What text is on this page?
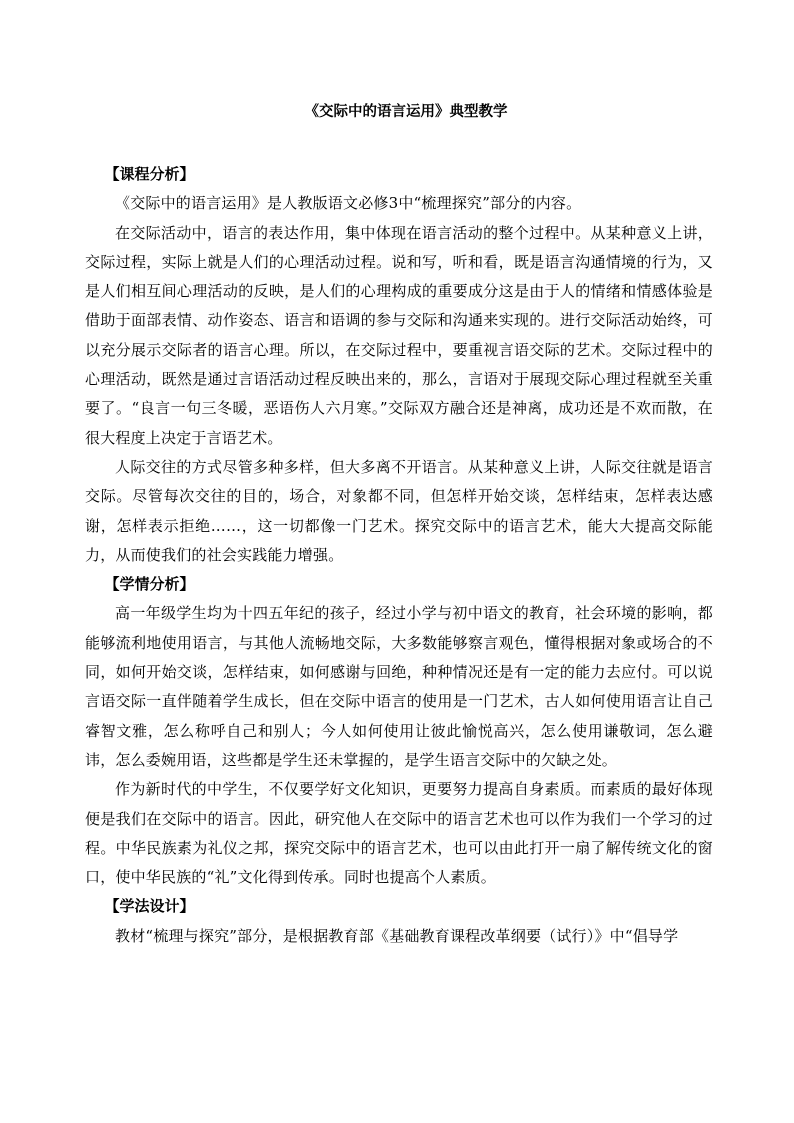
《交际中的语言运用》典型教学

【课程分析】

《交际中的语言运用》是人教版语文必修3中“梳理探究”部分的内容。

在交际活动中，语言的表达作用，集中体现在语言活动的整个过程中。从某种意义上讲，交际过程，实际上就是人们的心理活动过程。说和写，听和看，既是语言沟通情境的行为，又是人们相互间心理活动的反映，是人们的心理构成的重要成分这是由于人的情绪和情感体验是借助于面部表情、动作姿态、语言和语调的参与交际和沟通来实现的。进行交际活动始终，可以充分展示交际者的语言心理。所以，在交际过程中，要重视言语交际的艺术。交际过程中的心理活动，既然是通过言语活动过程反映出来的，那么，言语对于展现交际心理过程就至关重要了。“良言一句三冬暖，恶语伤人六月寒。”交际双方融合还是神离，成功还是不欢而散，在很大程度上决定于言语艺术。

人际交往的方式尽管多种多样，但大多离不开语言。从某种意义上讲，人际交往就是语言交际。尽管每次交往的目的，场合，对象都不同，但怎样开始交谈，怎样结束，怎样表达感谢，怎样表示拒绝……，这一切都像一门艺术。探究交际中的语言艺术，能大大提高交际能力，从而使我们的社会实践能力增强。

【学情分析】

高一年级学生均为十四五年纪的孩子，经过小学与初中语文的教育，社会环境的影响，都能够流利地使用语言，与其他人流畅地交际，大多数能够察言观色，懂得根据对象或场合的不同，如何开始交谈，怎样结束，如何感谢与回绝，种种情况还是有一定的能力去应付。可以说言语交际一直伴随着学生成长，但在交际中语言的使用是一门艺术，古人如何使用语言让自己睿智文雅，怎么称呼自己和别人；今人如何使用让彼此愉悦高兴，怎么使用谦敬词，怎么避讳，怎么委婉用语，这些都是学生还未掌握的，是学生语言交际中的欠缺之处。

作为新时代的中学生，不仅要学好文化知识，更要努力提高自身素质。而素质的最好体现便是我们在交际中的语言。因此，研究他人在交际中的语言艺术也可以作为我们一个学习的过程。中华民族素为礼仪之邦，探究交际中的语言艺术，也可以由此打开一扇了解传统文化的窗口，使中华民族的“礼”文化得到传承。同时也提高个人素质。

【学法设计】

教材“梳理与探究”部分，是根据教育部《基础教育课程改革纲要（试行）》中“倡导学
